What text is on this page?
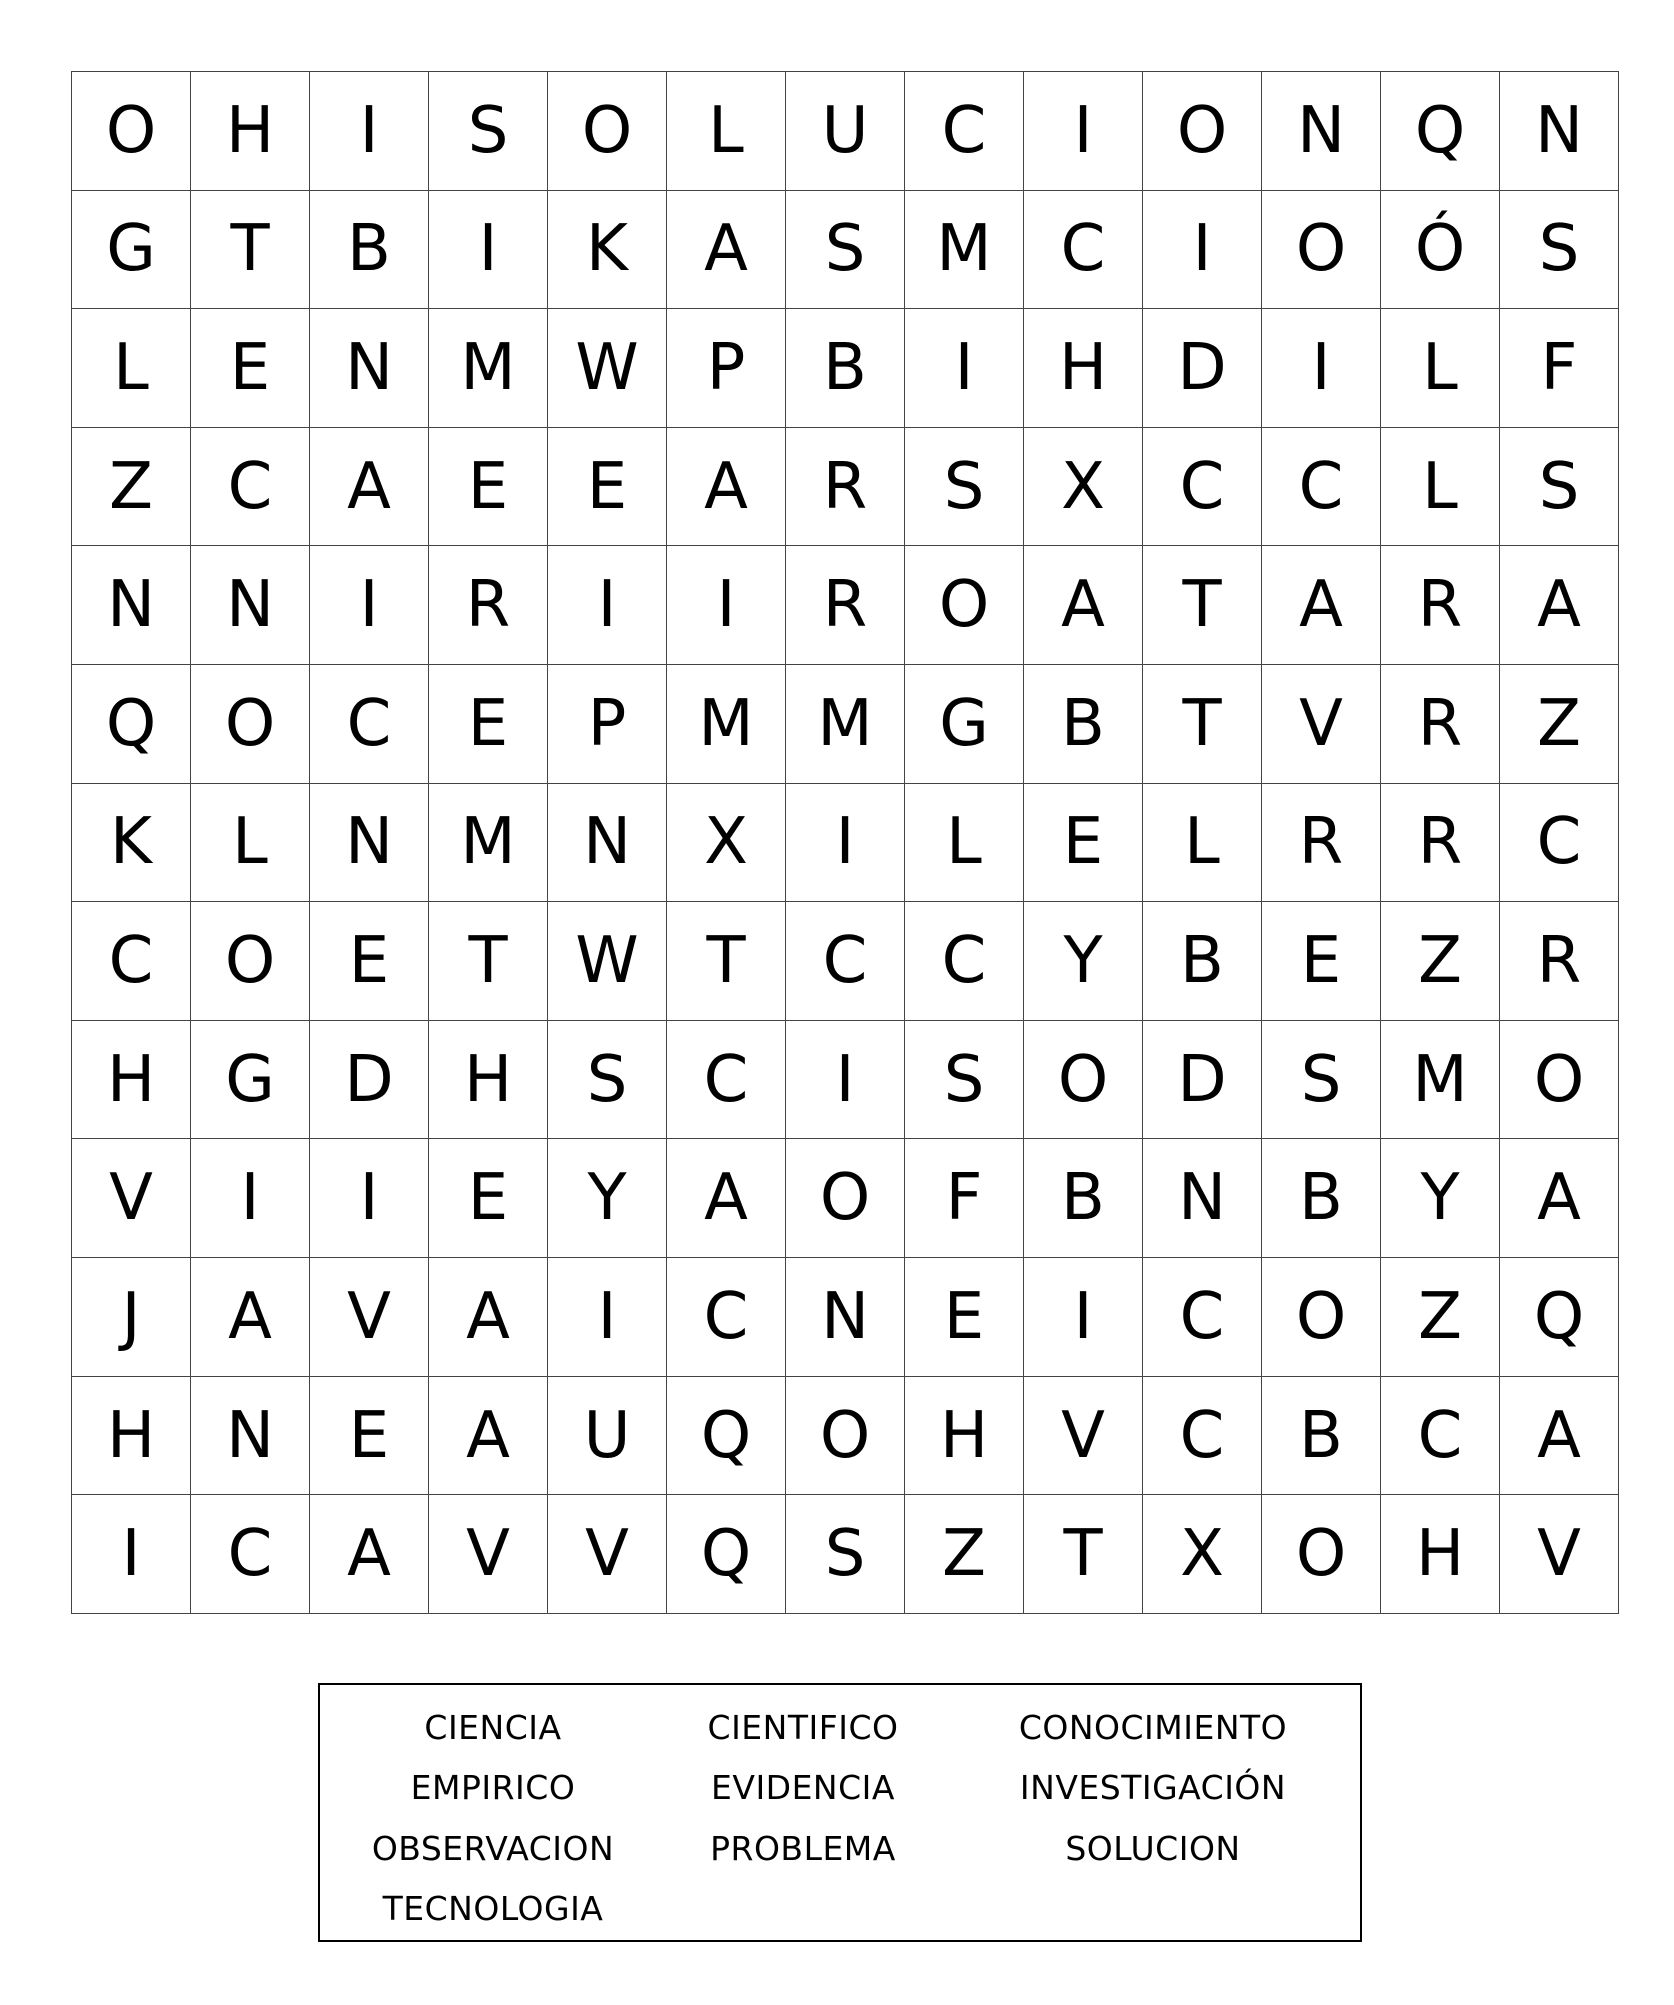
O	H	I	S	O	L	U	C	I	O	N	Q	N
G	T	B	I	K	A	S	M	C	I	O	Ó	S
L	E	N	M	W	P	B	I	H	D	I	L	F
Z	C	A	E	E	A	R	S	X	C	C	L	S
N	N	I	R	I	I	R	O	A	T	A	R	A
Q	O	C	E	P	M	M	G	B	T	V	R	Z
K	L	N	M	N	X	I	L	E	L	R	R	C
C	O	E	T	W	T	C	C	Y	B	E	Z	R
H	G	D	H	S	C	I	S	O	D	S	M	O
V	I	I	E	Y	A	O	F	B	N	B	Y	A
J	A	V	A	I	C	N	E	I	C	O	Z	Q
H	N	E	A	U	Q	O	H	V	C	B	C	A
I	C	A	V	V	Q	S	Z	T	X	O	H	V
CIENCIA	CIENTIFICO	CONOCIMIENTO
EMPIRICO	EVIDENCIA	INVESTIGACIÓN
OBSERVACION	PROBLEMA	SOLUCION
TECNOLOGIA
